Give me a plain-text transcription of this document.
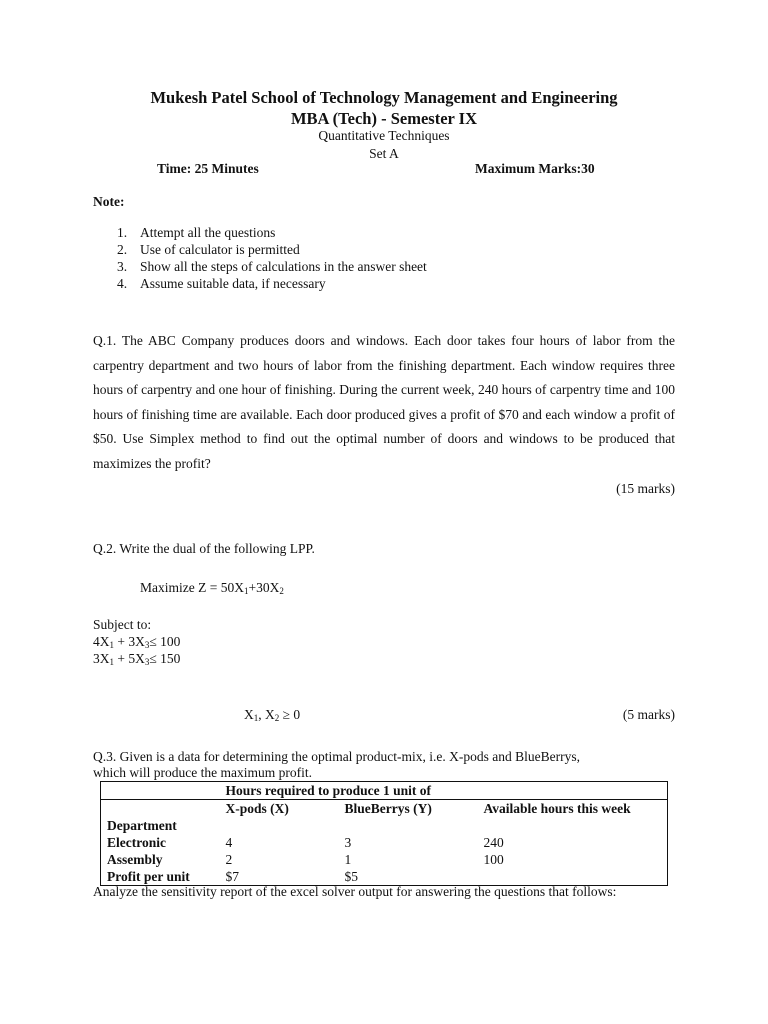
Mukesh Patel School of Technology Management and Engineering
MBA (Tech) - Semester IX
Quantitative Techniques
Set A
Time: 25 Minutes	Maximum Marks:30
Note:
1. Attempt all the questions
2. Use of calculator is permitted
3. Show all the steps of calculations in the answer sheet
4. Assume suitable data, if necessary

Q.1. The ABC Company produces doors and windows. Each door takes four hours of labor from the carpentry department and two hours of labor from the finishing department. Each window requires three hours of carpentry and one hour of finishing. During the current week, 240 hours of carpentry time and 100 hours of finishing time are available. Each door produced gives a profit of $70 and each window a profit of $50. Use Simplex method to find out the optimal number of doors and windows to be produced that maximizes the profit?

(15 marks)

Q.2. Write the dual of the following LPP.
Maximize $Z = 50X_1+30X_2$
Subject to:
$4X_1 + 3X_3\le 100$
$3X_1 + 5X_3\le 150$
$X_1$, $X_2 \ge 0$	(5 marks)
Q.3. Given is a data for determining the optimal product-mix, i.e. X-pods and BlueBerrys,
which will produce the maximum profit.
	Hours required to produce 1 unit of		
	X-pods (X)	BlueBerrys (Y)	Available hours this week
Department			
Electronic	4	3	240
Assembly	2	1	100
Profit per unit	$7	$5	
Analyze the sensitivity report of the excel solver output for answering the questions that follows:
